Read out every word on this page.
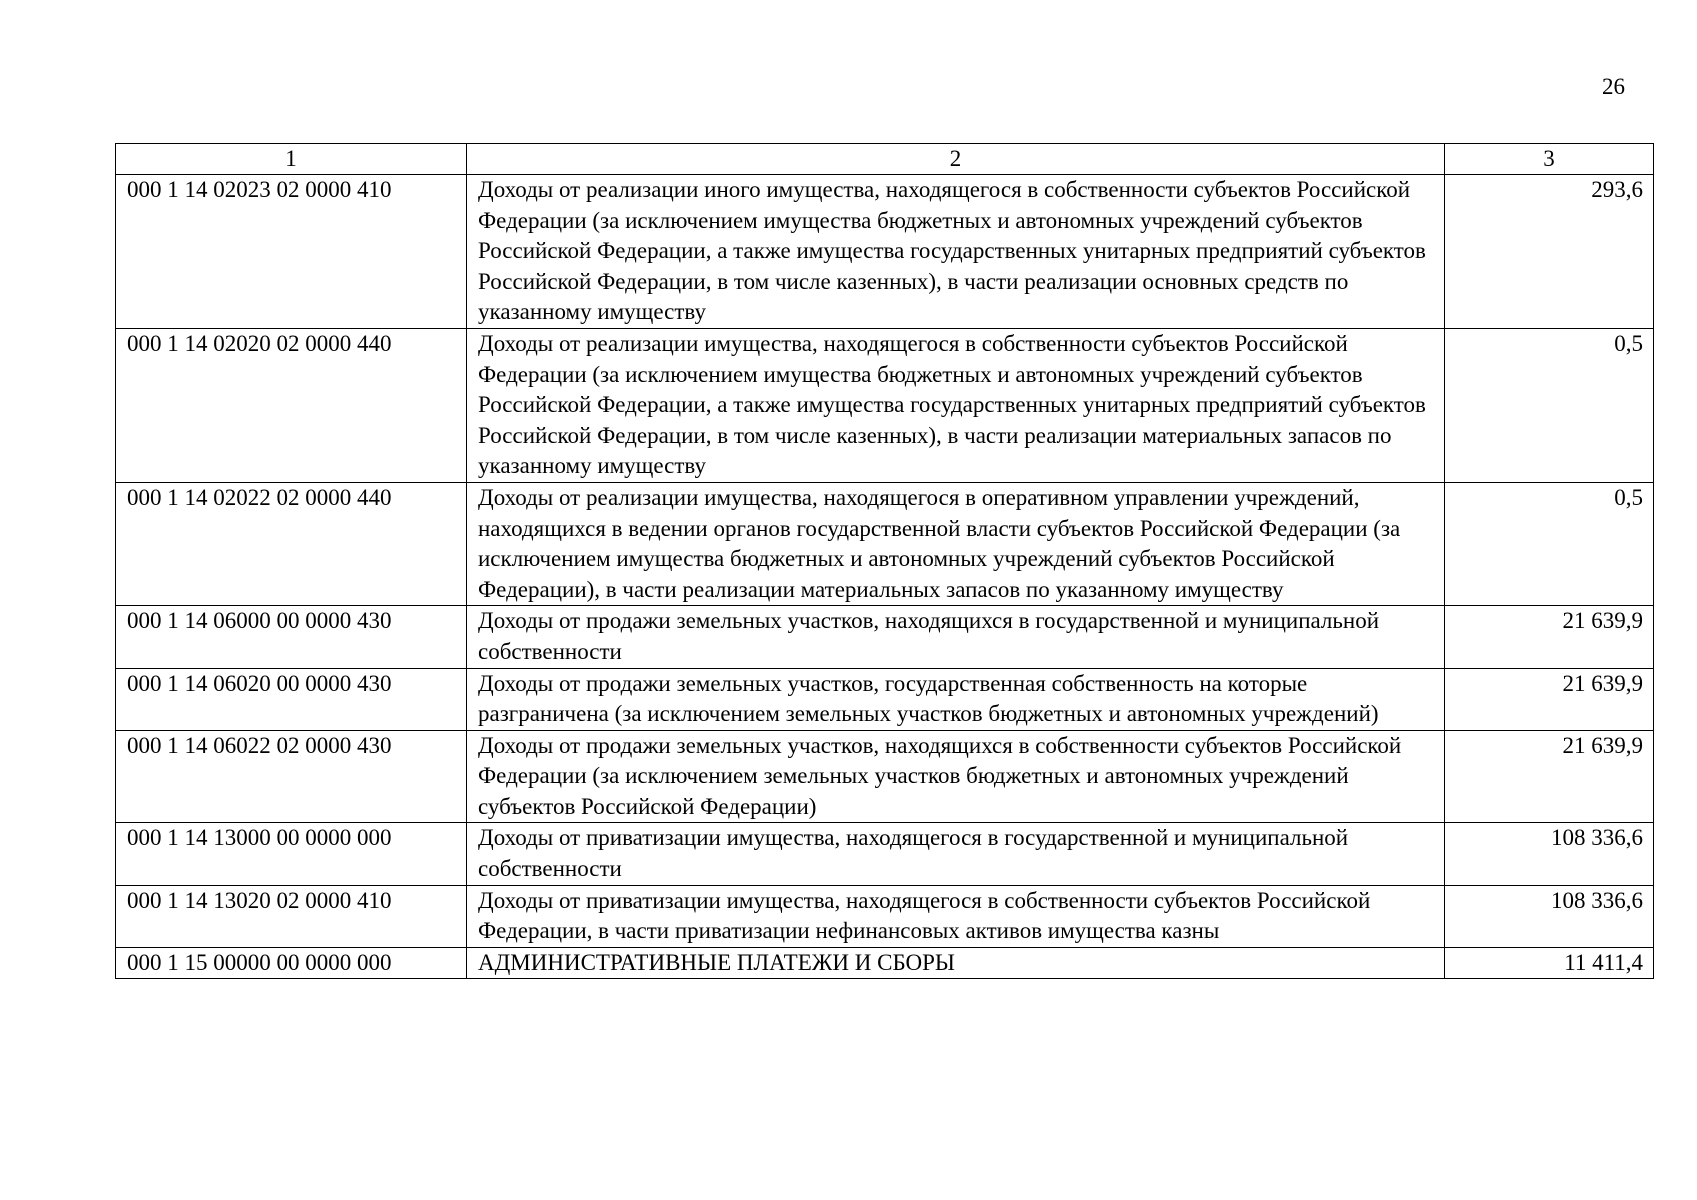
26
1	2	3
000 1 14 02023 02 0000 410	Доходы от реализации иного имущества, находящегося в собственности субъектов Российской Федерации (за исключением имущества бюджетных и автономных учреждений субъектов Российской Федерации, а также имущества государственных унитарных предприятий субъектов Российской Федерации, в том числе казенных), в части реализации основных средств по указанному имуществу	293,6
000 1 14 02020 02 0000 440	Доходы от реализации имущества, находящегося в собственности субъектов Российской Федерации (за исключением имущества бюджетных и автономных учреждений субъектов Российской Федерации, а также имущества государственных унитарных предприятий субъектов Российской Федерации, в том числе казенных), в части реализации материальных запасов по указанному имуществу	0,5
000 1 14 02022 02 0000 440	Доходы от реализации имущества, находящегося в оперативном управлении учреждений, находящихся в ведении органов государственной власти субъектов Российской Федерации (за исключением имущества бюджетных и автономных учреждений субъектов Российской Федерации), в части реализации материальных запасов по указанному имуществу	0,5
000 1 14 06000 00 0000 430	Доходы от продажи земельных участков, находящихся в государственной и муниципальной собственности	21 639,9
000 1 14 06020 00 0000 430	Доходы от продажи земельных участков, государственная собственность на которые разграничена (за исключением земельных участков бюджетных и автономных учреждений)	21 639,9
000 1 14 06022 02 0000 430	Доходы от продажи земельных участков, находящихся в собственности субъектов Российской Федерации (за исключением земельных участков бюджетных и автономных учреждений субъектов Российской Федерации)	21 639,9
000 1 14 13000 00 0000 000	Доходы от приватизации имущества, находящегося в государственной и муниципальной собственности	108 336,6
000 1 14 13020 02 0000 410	Доходы от приватизации имущества, находящегося в собственности субъектов Российской Федерации, в части приватизации нефинансовых активов имущества казны	108 336,6
000 1 15 00000 00 0000 000	АДМИНИСТРАТИВНЫЕ ПЛАТЕЖИ И СБОРЫ	11 411,4
